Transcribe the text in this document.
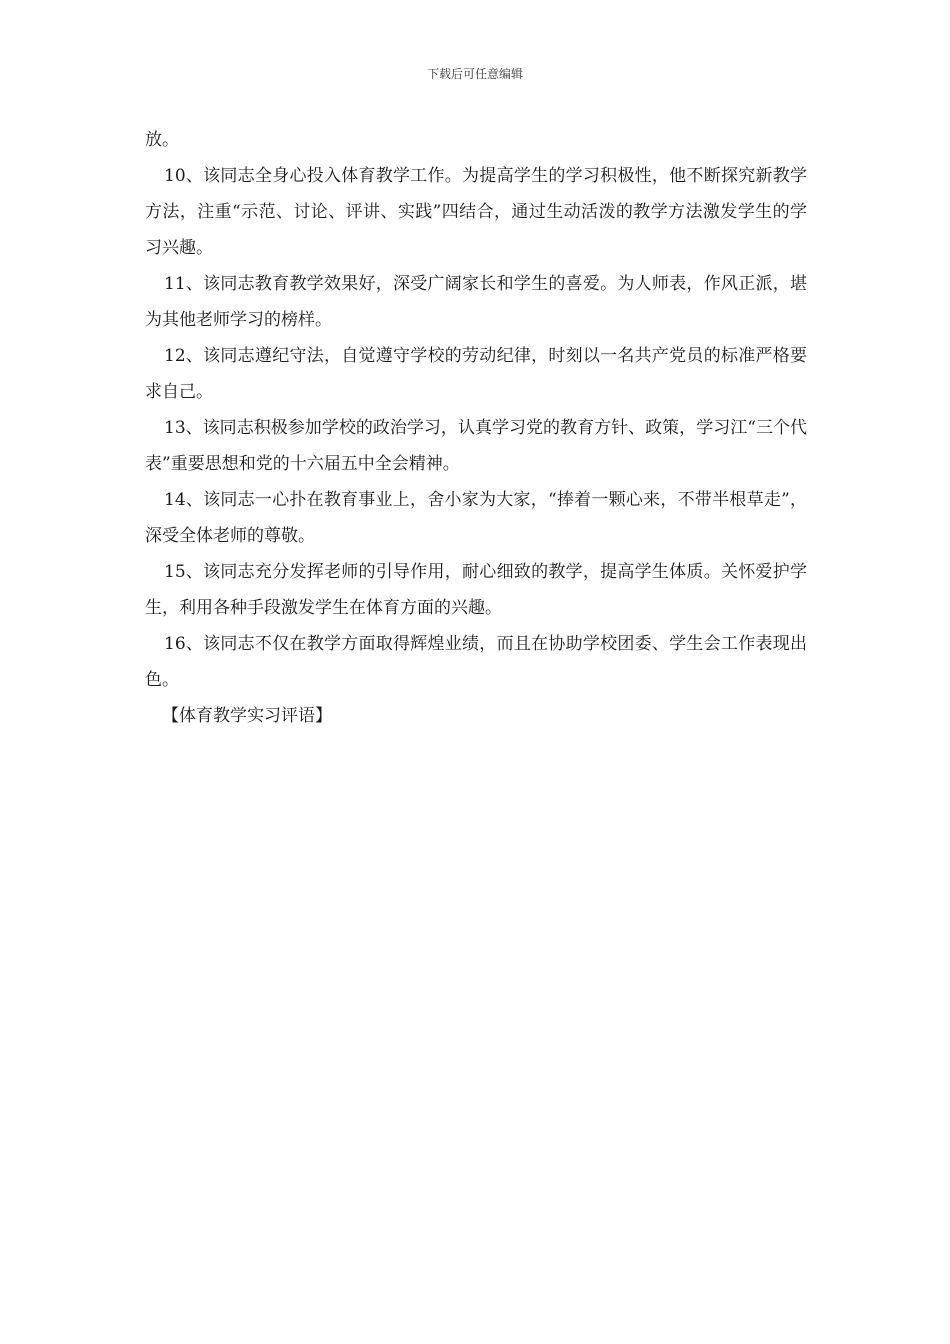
下载后可任意编辑

放。

10、该同志全身心投入体育教学工作。为提高学生的学习积极性，他不断探究新教学方法，注重“示范、讨论、评讲、实践”四结合，通过生动活泼的教学方法激发学生的学习兴趣。

11、该同志教育教学效果好，深受广阔家长和学生的喜爱。为人师表，作风正派，堪为其他老师学习的榜样。

12、该同志遵纪守法，自觉遵守学校的劳动纪律，时刻以一名共产党员的标准严格要求自己。

13、该同志积极参加学校的政治学习，认真学习党的教育方针、政策，学习江“三个代表”重要思想和党的十六届五中全会精神。

14、该同志一心扑在教育事业上，舍小家为大家，“捧着一颗心来，不带半根草走”，深受全体老师的尊敬。

15、该同志充分发挥老师的引导作用，耐心细致的教学，提高学生体质。关怀爱护学生，利用各种手段激发学生在体育方面的兴趣。

16、该同志不仅在教学方面取得辉煌业绩，而且在协助学校团委、学生会工作表现出色。

【体育教学实习评语】
